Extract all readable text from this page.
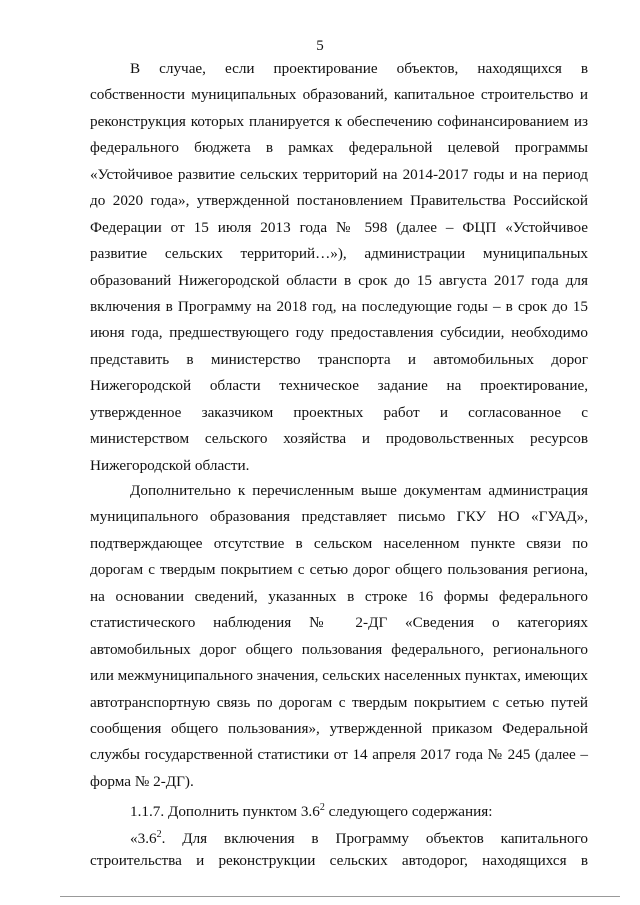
5
В случае, если проектирование объектов, находящихся в
собственности муниципальных образований, капитальное строительство и
реконструкция которых планируется к обеспечению софинансированием из
федерального бюджета в рамках федеральной целевой программы
«Устойчивое развитие сельских территорий на 2014-2017 годы и на период
до 2020 года», утвержденной постановлением Правительства Российской
Федерации от 15 июля 2013 года № 598 (далее – ФЦП «Устойчивое
развитие сельских территорий…»), администрации муниципальных
образований Нижегородской области в срок до 15 августа 2017 года для
включения в Программу на 2018 год, на последующие годы – в срок до 15
июня года, предшествующего году предоставления субсидии, необходимо
представить в министерство транспорта и автомобильных дорог
Нижегородской области техническое задание на проектирование,
утвержденное заказчиком проектных работ и согласованное с
министерством сельского хозяйства и продовольственных ресурсов
Нижегородской области.
Дополнительно к перечисленным выше документам администрация
муниципального образования представляет письмо ГКУ НО «ГУАД»,
подтверждающее отсутствие в сельском населенном пункте связи по
дорогам с твердым покрытием с сетью дорог общего пользования региона,
на основании сведений, указанных в строке 16 формы федерального
статистического наблюдения № 2-ДГ «Сведения о категориях
автомобильных дорог общего пользования федерального, регионального
или межмуниципального значения, сельских населенных пунктах, имеющих
автотранспортную связь по дорогам с твердым покрытием с сетью путей
сообщения общего пользования», утвержденной приказом Федеральной
службы государственной статистики от 14 апреля 2017 года № 245 (далее –
форма № 2-ДГ).
1.1.7. Дополнить пунктом $3.6^2$ следующего содержания:
«$3.6^2$. Для включения в Программу объектов капитального
строительства и реконструкции сельских автодорог, находящихся в
